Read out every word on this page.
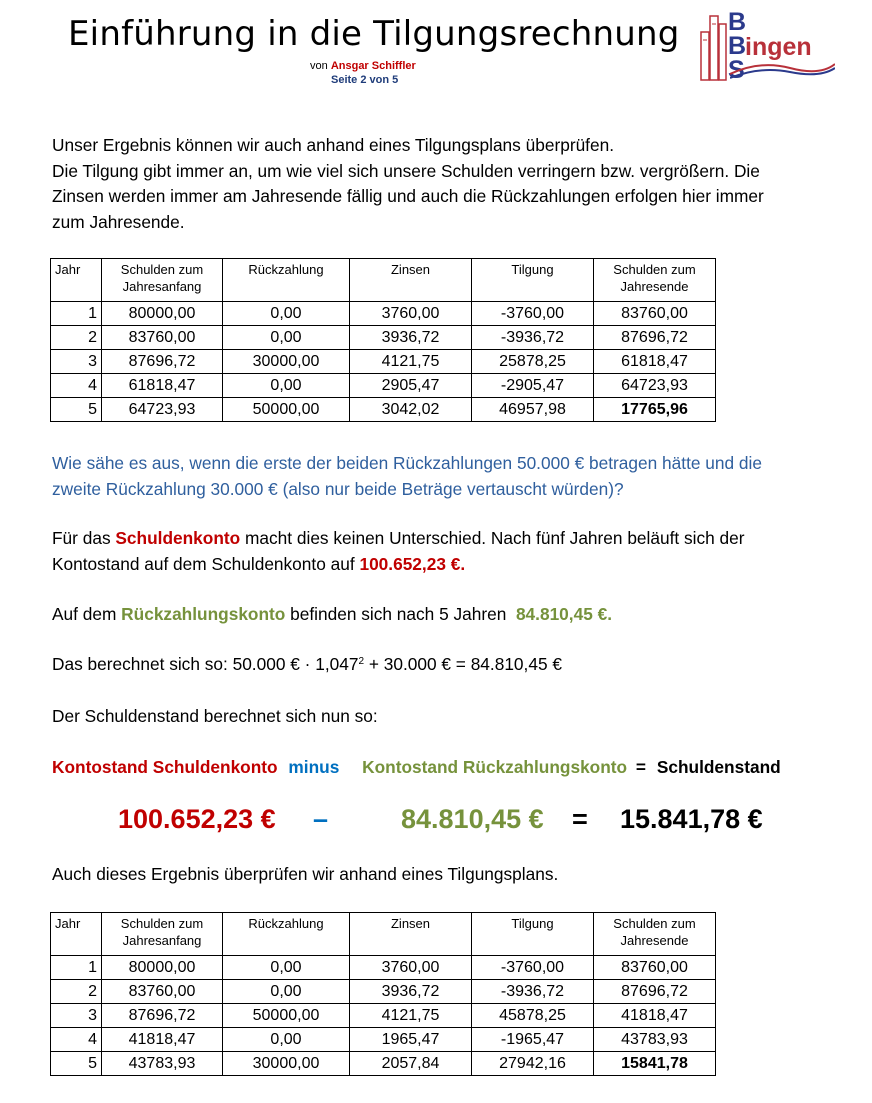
Einführung in die Tilgungsrechnung
von Ansgar Schiffler
Seite 2 von 5
B
B
ingen
S
Unser Ergebnis können wir auch anhand eines Tilgungsplans überprüfen.
Die Tilgung gibt immer an, um wie viel sich unsere Schulden verringern bzw. vergrößern. Die
Zinsen werden immer am Jahresende fällig und auch die Rückzahlungen erfolgen hier immer
zum Jahresende.
Jahr	Schulden zum Jahresanfang	Rückzahlung	Zinsen	Tilgung	Schulden zum Jahresende
1	80000,00	0,00	3760,00	-3760,00	83760,00
2	83760,00	0,00	3936,72	-3936,72	87696,72
3	87696,72	30000,00	4121,75	25878,25	61818,47
4	61818,47	0,00	2905,47	-2905,47	64723,93
5	64723,93	50000,00	3042,02	46957,98	17765,96
Wie sähe es aus, wenn die erste der beiden Rückzahlungen 50.000 € betragen hätte und die
zweite Rückzahlung 30.000 € (also nur beide Beträge vertauscht würden)?
Für das Schuldenkonto macht dies keinen Unterschied. Nach fünf Jahren beläuft sich der
Kontostand auf dem Schuldenkonto auf 100.652,23 €.
Auf dem Rückzahlungskonto befinden sich nach 5 Jahren  84.810,45 €.
Das berechnet sich so: 50.000 € · $1,047^2 + 30.000$ € = 84.810,45 €
Der Schuldenstand berechnet sich nun so:
Kontostand Schuldenkonto minus Kontostand Rückzahlungskonto = Schuldenstand
100.652,23 € –	84.810,45 € = 15.841,78 €
Auch dieses Ergebnis überprüfen wir anhand eines Tilgungsplans.
Jahr	Schulden zum Jahresanfang	Rückzahlung	Zinsen	Tilgung	Schulden zum Jahresende
1	80000,00	0,00	3760,00	-3760,00	83760,00
2	83760,00	0,00	3936,72	-3936,72	87696,72
3	87696,72	50000,00	4121,75	45878,25	41818,47
4	41818,47	0,00	1965,47	-1965,47	43783,93
5	43783,93	30000,00	2057,84	27942,16	15841,78
